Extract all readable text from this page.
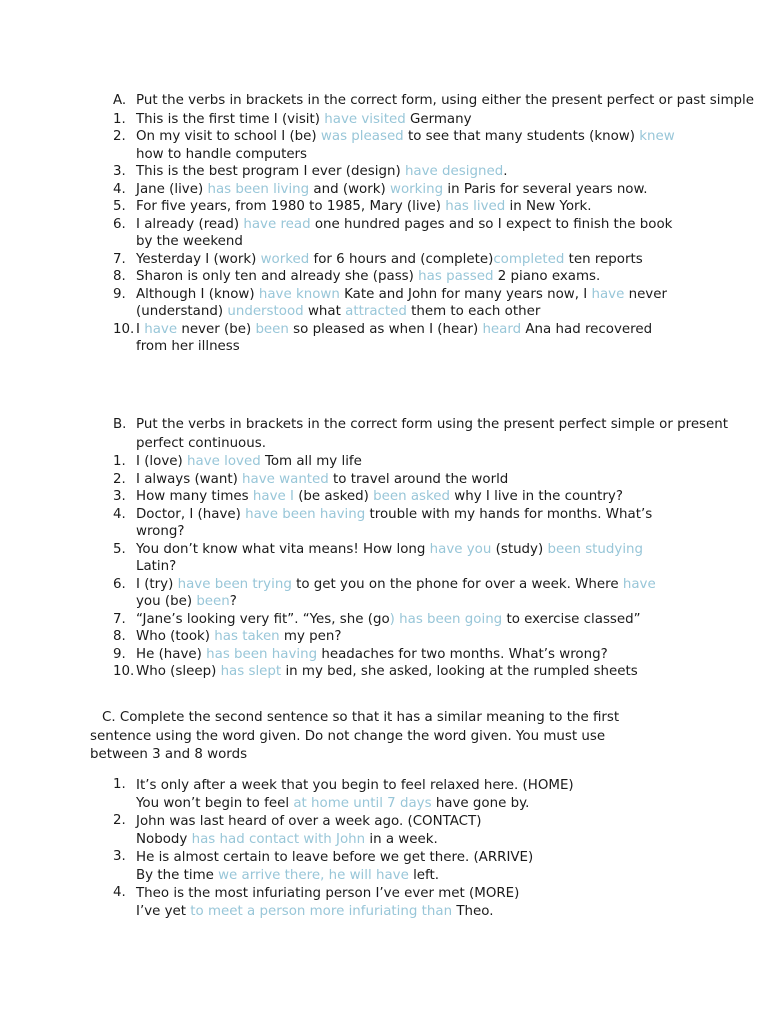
A. Put the verbs in brackets in the correct form, using either the present perfect or past simple
1. This is the first time I (visit) have visited Germany
2. On my visit to school I (be) was pleased to see that many students (know) knew how to handle computers
3. This is the best program I ever (design) have designed.
4. Jane (live) has been living and (work) working in Paris for several years now.
5. For five years, from 1980 to 1985, Mary (live) has lived in New York.
6. I already (read) have read one hundred pages and so I expect to finish the book by the weekend
7. Yesterday I (work) worked for 6 hours and (complete)completed ten reports
8. Sharon is only ten and already she (pass) has passed 2 piano exams.
9. Although I (know) have known Kate and John for many years now, I have never (understand) understood what attracted them to each other
10. I have never (be) been so pleased as when I (hear) heard Ana had recovered from her illness
B. Put the verbs in brackets in the correct form using the present perfect simple or present perfect continuous.
1. I (love) have loved Tom all my life
2. I always (want) have wanted to travel around the world
3. How many times have I (be asked) been asked why I live in the country?
4. Doctor, I (have) have been having trouble with my hands for months. What’s wrong?
5. You don’t know what vita means! How long have you (study) been studying Latin?
6. I (try) have been trying to get you on the phone for over a week. Where have you (be) been?
7. “Jane’s looking very fit”. “Yes, she (go) has been going to exercise classed”
8. Who (took) has taken my pen?
9. He (have) has been having headaches for two months. What’s wrong?
10. Who (sleep) has slept in my bed, she asked, looking at the rumpled sheets
C. Complete the second sentence so that it has a similar meaning to the first sentence using the word given. Do not change the word given. You must use between 3 and 8 words
1. It’s only after a week that you begin to feel relaxed here. (HOME)
You won’t begin to feel at home until 7 days have gone by.
2. John was last heard of over a week ago. (CONTACT)
Nobody has had contact with John in a week.
3. He is almost certain to leave before we get there. (ARRIVE)
By the time we arrive there, he will have left.
4. Theo is the most infuriating person I’ve ever met (MORE)
I’ve yet to meet a person more infuriating than Theo.
